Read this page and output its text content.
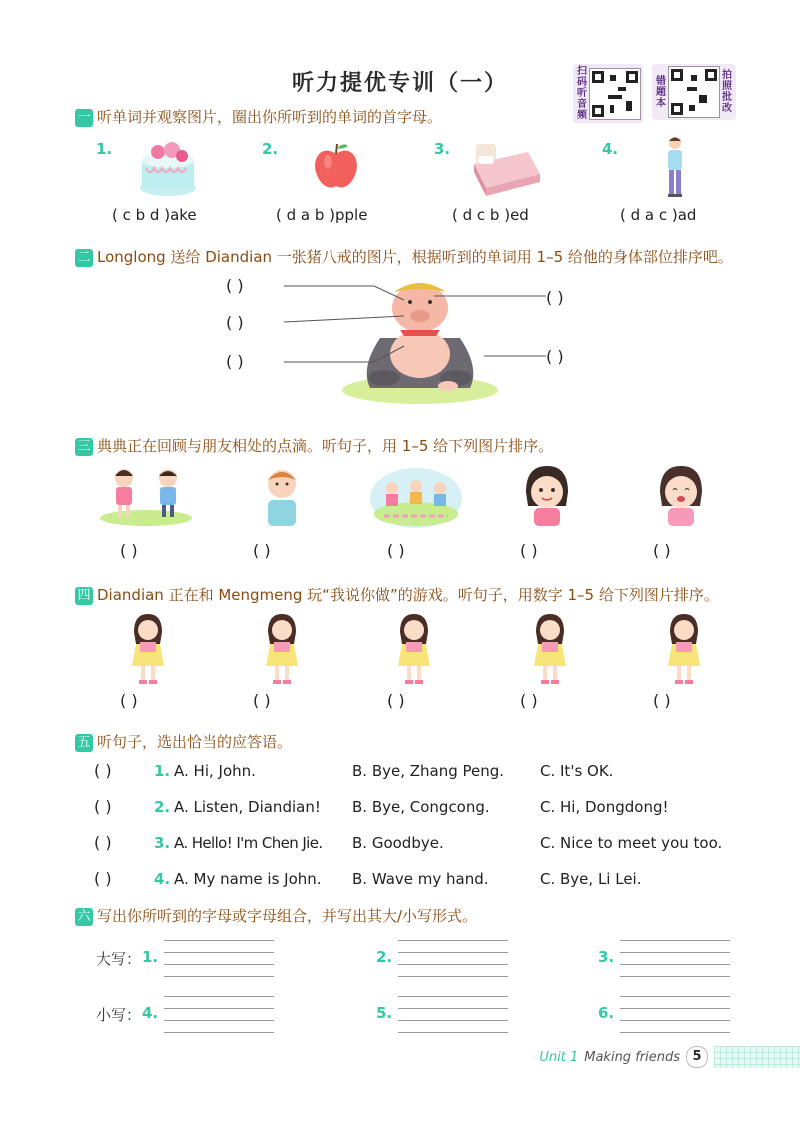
听力提优专训（一）	扫码听音频
错题本
拍照批改
一 听单词并观察图片，圈出你所听到的单词的首字母。
1.
( c b d )ake
2.
( d a b )pple
3.
( d c b )ed
4.
( d a c )ad
二 Longlong 送给 Diandian 一张猪八戒的图片，根据听到的单词用 1–5 给他的身体部位排序吧。
( )
( )
( )
( )
( )
三 典典正在回顾与朋友相处的点滴。听句子，用 1–5 给下列图片排序。
( )	( )	( )	( )	( )
四 Diandian 正在和 Mengmeng 玩“我说你做”的游戏。听句子，用数字 1–5 给下列图片排序。
( )	( )	( )	( )	( )
五 听句子，选出恰当的应答语。
( )	1. A. Hi, John.	B. Bye, Zhang Peng. C. It's OK.
( )	2. A. Listen, Diandian! B. Bye, Congcong.	C. Hi, Dongdong!
( )	3. A. Hello! I'm Chen Jie. B. Goodbye.	C. Nice to meet you too.
( )	4. A. My name is John. B. Wave my hand.	C. Bye, Li Lei.
六 写出你所听到的字母或字母组合，并写出其大/小写形式。
大写： 1.	2.	3.
小写： 4.	5.	6.
Unit 1 Making friends 5
